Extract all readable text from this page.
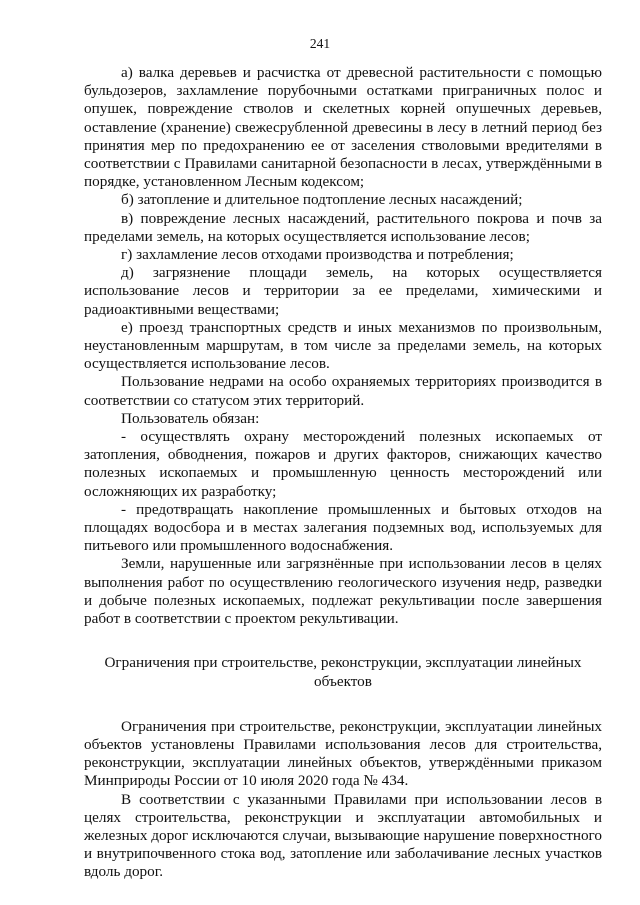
241

а) валка деревьев и расчистка от древесной растительности с помощью бульдозеров, захламление порубочными остатками приграничных полос и опушек, повреждение стволов и скелетных корней опушечных деревьев, оставление (хранение) свежесрубленной древесины в лесу в летний период без принятия мер по предохранению ее от заселения стволовыми вредителями в соответствии с Правилами санитарной безопасности в лесах, утверждёнными в порядке, установленном Лесным кодексом;

б) затопление и длительное подтопление лесных насаждений;

в) повреждение лесных насаждений, растительного покрова и почв за пределами земель, на которых осуществляется использование лесов;

г) захламление лесов отходами производства и потребления;

д) загрязнение площади земель, на которых осуществляется использование лесов и территории за ее пределами, химическими и радиоактивными веществами;

е) проезд транспортных средств и иных механизмов по произвольным, неустановленным маршрутам, в том числе за пределами земель, на которых осуществляется использование лесов.

Пользование недрами на особо охраняемых территориях производится в соответствии со статусом этих территорий.

Пользователь обязан:

- осуществлять охрану месторождений полезных ископаемых от затопления, обводнения, пожаров и других факторов, снижающих качество полезных ископаемых и промышленную ценность месторождений или осложняющих их разработку;

- предотвращать накопление промышленных и бытовых отходов на площадях водосбора и в местах залегания подземных вод, используемых для питьевого или промышленного водоснабжения.

Земли, нарушенные или загрязнённые при использовании лесов в целях выполнения работ по осуществлению геологического изучения недр, разведки и добыче полезных ископаемых, подлежат рекультивации после завершения работ в соответствии с проектом рекультивации.

Ограничения при строительстве, реконструкции, эксплуатации линейных объектов

Ограничения при строительстве, реконструкции, эксплуатации линейных объектов установлены Правилами использования лесов для строительства, реконструкции, эксплуатации линейных объектов, утверждёнными приказом Минприроды России от 10 июля 2020 года № 434.

В соответствии с указанными Правилами при использовании лесов в целях строительства, реконструкции и эксплуатации автомобильных и железных дорог исключаются случаи, вызывающие нарушение поверхностного и внутрипочвенного стока вод, затопление или заболачивание лесных участков вдоль дорог.
